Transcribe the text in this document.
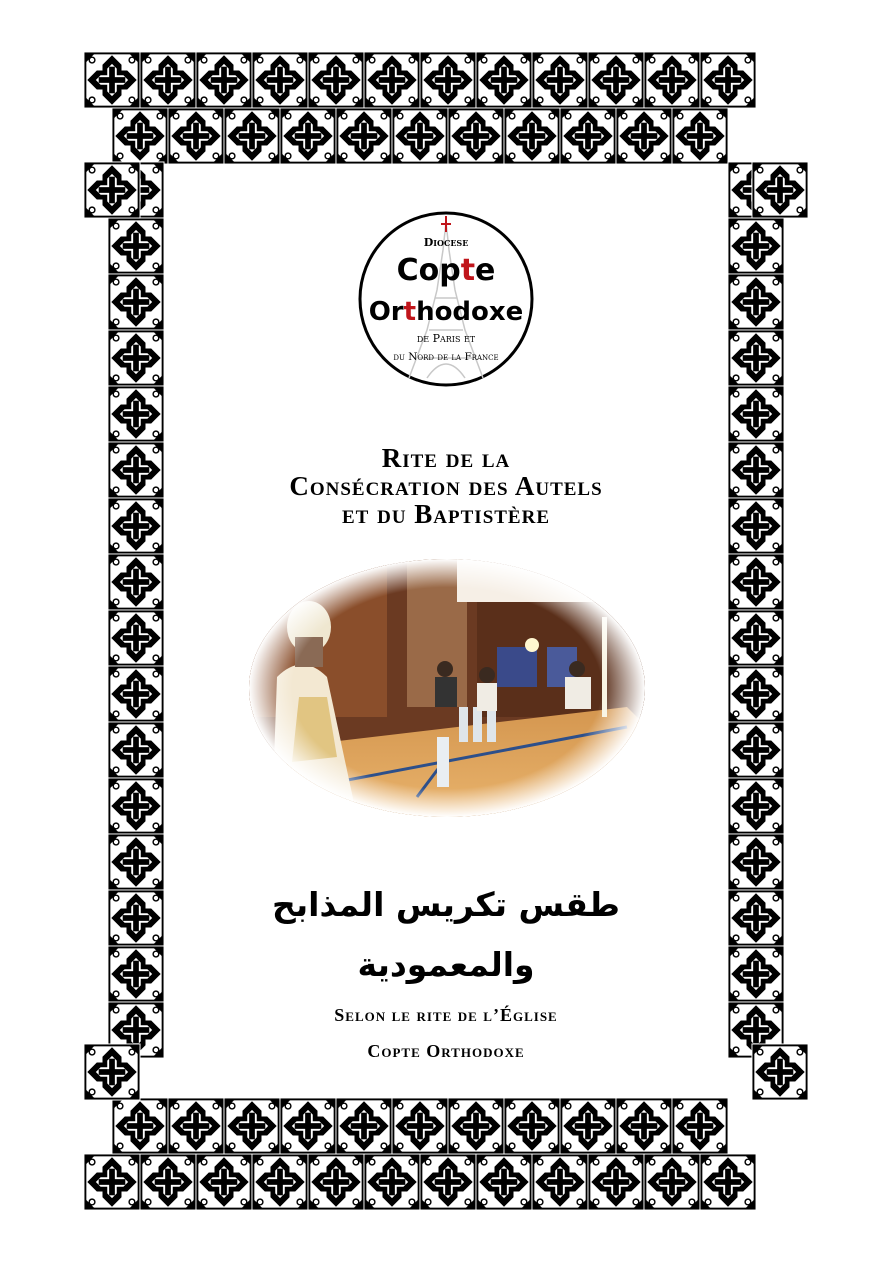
Diocese
Copte
Orthodoxe
de Paris et
du Nord de la France
Rite de la
Consécration des Autels
et du Baptistère
طقس تكريس المذابح
والمعمودية
Selon le rite de l’Église
Copte Orthodoxe
